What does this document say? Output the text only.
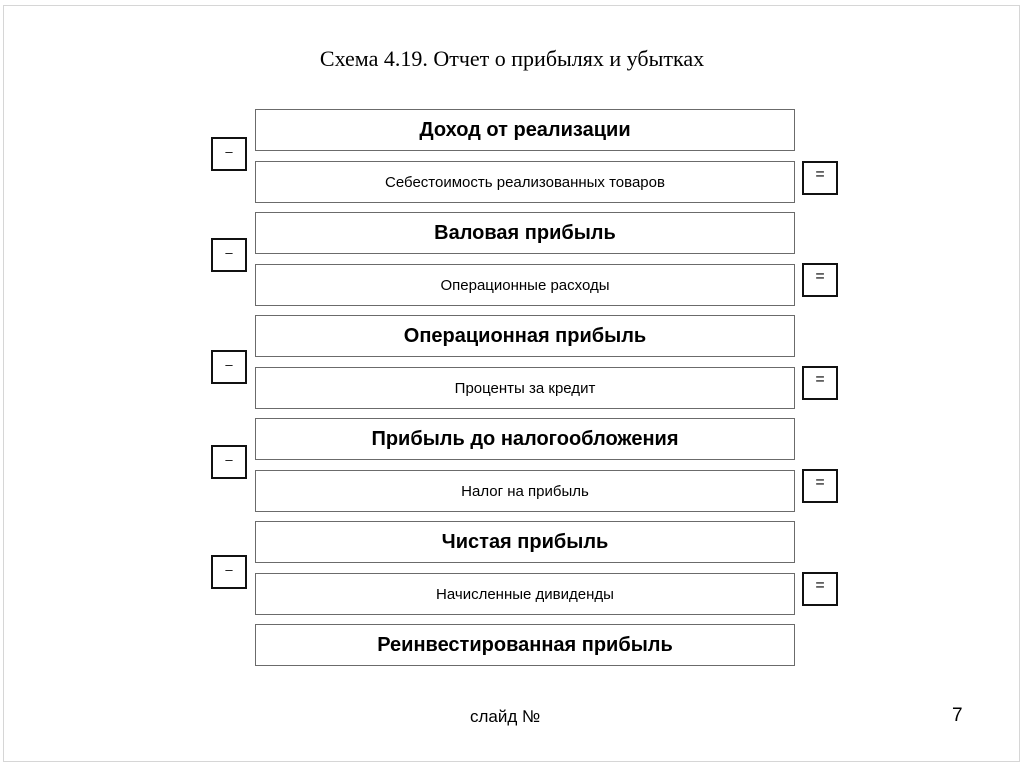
Схема 4.19. Отчет о прибылях и убытках
Доход от реализации
Себестоимость реализованных товаров
Валовая прибыль
Операционные расходы
Операционная прибыль
Проценты за кредит
Прибыль до налогообложения
Налог на прибыль
Чистая прибыль
Начисленные дивиденды
Реинвестированная прибыль
–
–
–
–
–
=
=
=
=
=
слайд №	7
